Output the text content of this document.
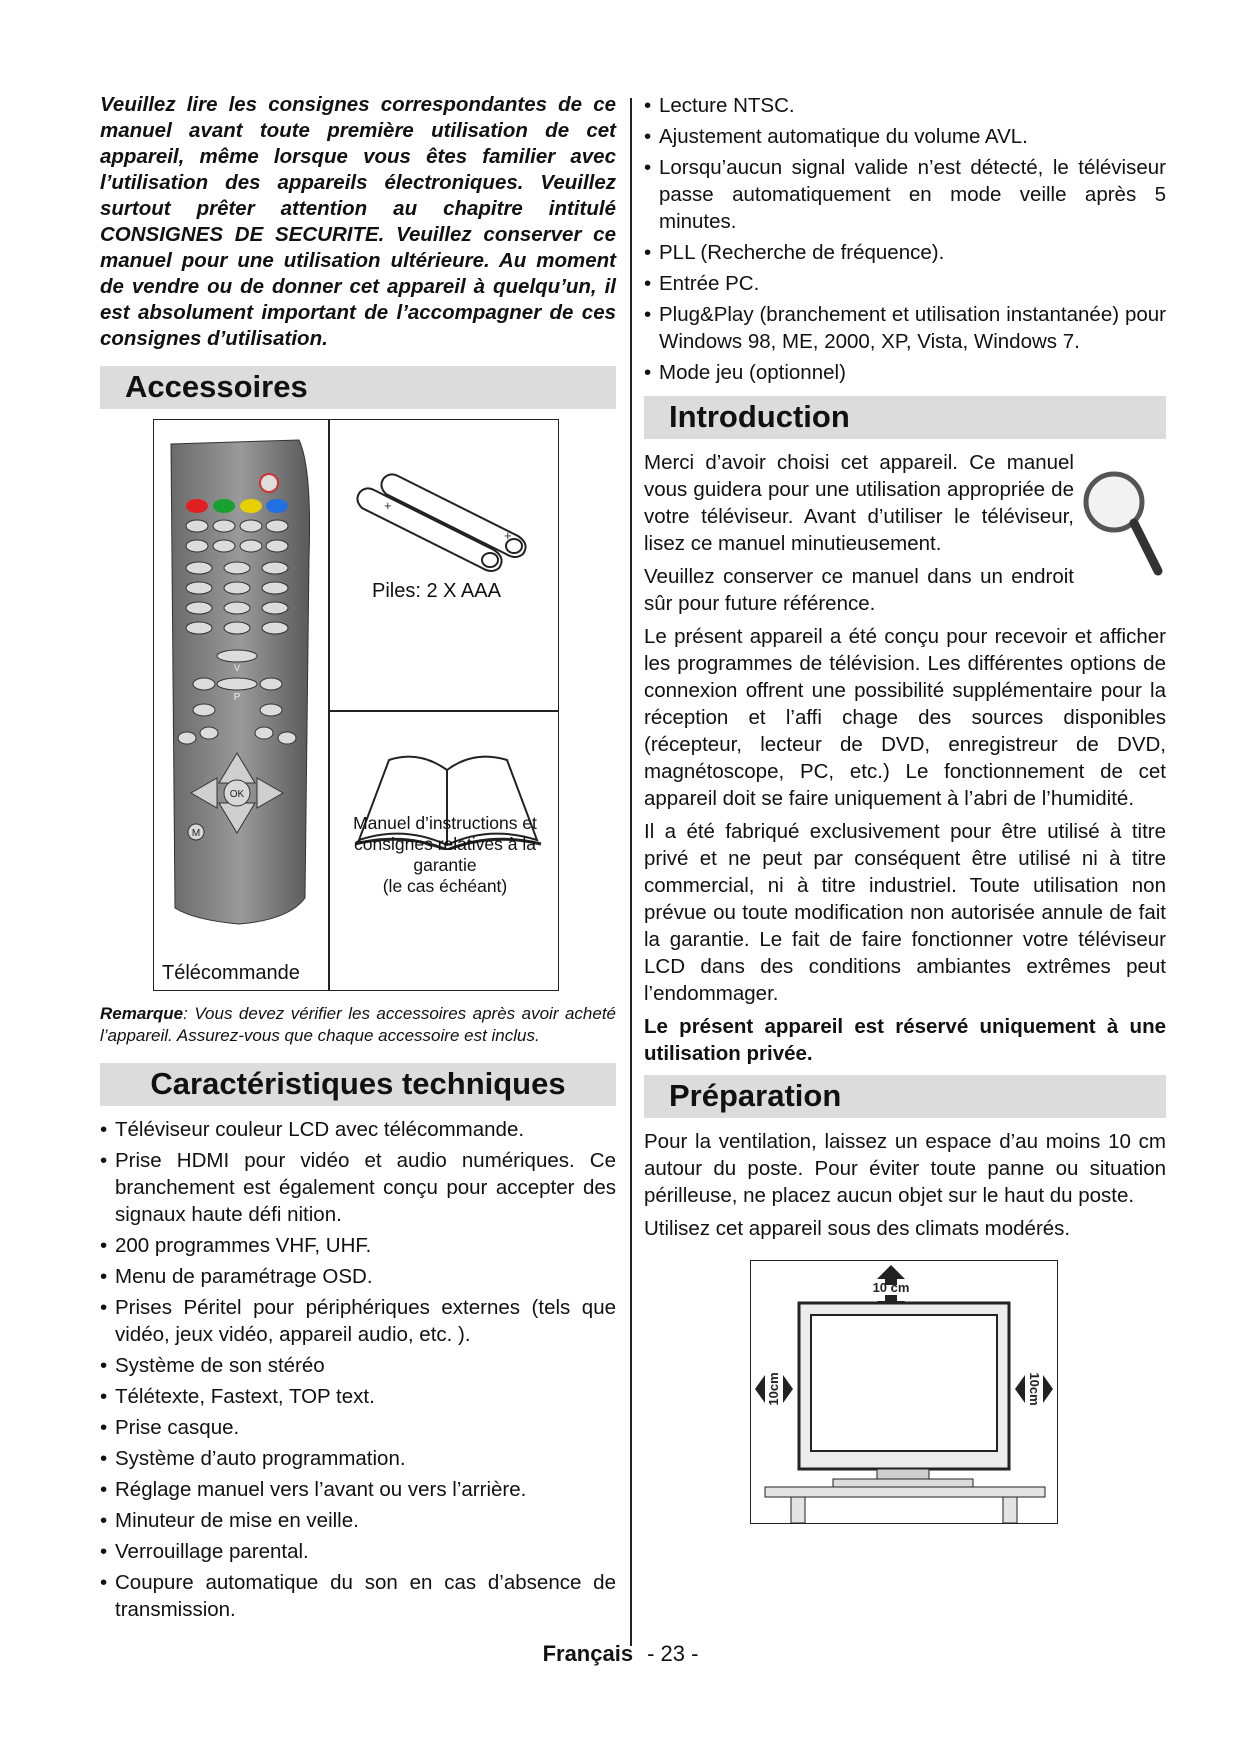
Veuillez lire les consignes correspondantes de ce manuel avant toute première utilisation de cet appareil, même lorsque vous êtes familier avec l’utilisation des appareils électroniques. Veuillez surtout prêter attention au chapitre intitulé CONSIGNES DE SECURITE. Veuillez conserver ce manuel pour une utilisation ultérieure. Au moment de vendre ou de donner cet appareil à quelqu’un, il est absolument important de l’accompagner de ces consignes d’utilisation.

Accessoires
OK
M
V
P
+
+
Piles: 2 X AAA
Manuel d’instructions et consignes relatives à la garantie
(le cas échéant)
Télécommande

Remarque: Vous devez vérifier les accessoires après avoir acheté l’appareil. Assurez-vous que chaque accessoire est inclus.

Caractéristiques techniques
• Téléviseur couleur LCD avec télécommande.
• Prise HDMI pour vidéo et audio numériques. Ce branchement est également conçu pour accepter des signaux haute défi nition.
• 200 programmes VHF, UHF.
• Menu de paramétrage OSD.
• Prises Péritel pour périphériques externes (tels que vidéo, jeux vidéo, appareil audio, etc. ).
• Système de son stéréo
• Télétexte, Fastext, TOP text.
• Prise casque.
• Système d’auto programmation.
• Réglage manuel vers l’avant ou vers l’arrière.
• Minuteur de mise en veille.
• Verrouillage parental.
• Coupure automatique du son en cas d’absence de transmission.
• Lecture NTSC.
• Ajustement automatique du volume AVL.
• Lorsqu’aucun signal valide n’est détecté, le téléviseur passe automatiquement en mode veille après 5 minutes.
• PLL (Recherche de fréquence).
• Entrée PC.
• Plug&Play (branchement et utilisation instantanée) pour Windows 98, ME, 2000, XP, Vista, Windows 7.
• Mode jeu (optionnel)
Introduction

Merci d’avoir choisi cet appareil. Ce manuel vous guidera pour une utilisation appropriée de votre téléviseur. Avant d’utiliser le téléviseur, lisez ce manuel minutieusement.

Veuillez conserver ce manuel dans un endroit sûr pour future référence.

Le présent appareil a été conçu pour recevoir et afficher les programmes de télévision. Les différentes options de connexion offrent une possibilité supplémentaire pour la réception et l’affi chage des sources disponibles (récepteur, lecteur de DVD, enregistreur de DVD, magnétoscope, PC, etc.) Le fonctionnement de cet appareil doit se faire uniquement à l’abri de l’humidité.

Il a été fabriqué exclusivement pour être utilisé à titre privé et ne peut par conséquent être utilisé ni à titre commercial, ni à titre industriel. Toute utilisation non prévue ou toute modification non autorisée annule de fait la garantie. Le fait de faire fonctionner votre téléviseur LCD dans des conditions ambiantes extrêmes peut l’endommager.

Le présent appareil est réservé uniquement à une utilisation privée.

Préparation

Pour la ventilation, laissez un espace d’au moins 10 cm autour du poste. Pour éviter toute panne ou situation périlleuse, ne placez aucun objet sur le haut du poste.

Utilisez cet appareil sous des climats modérés.

10 cm
10cm	10cm
Français - 23 -
